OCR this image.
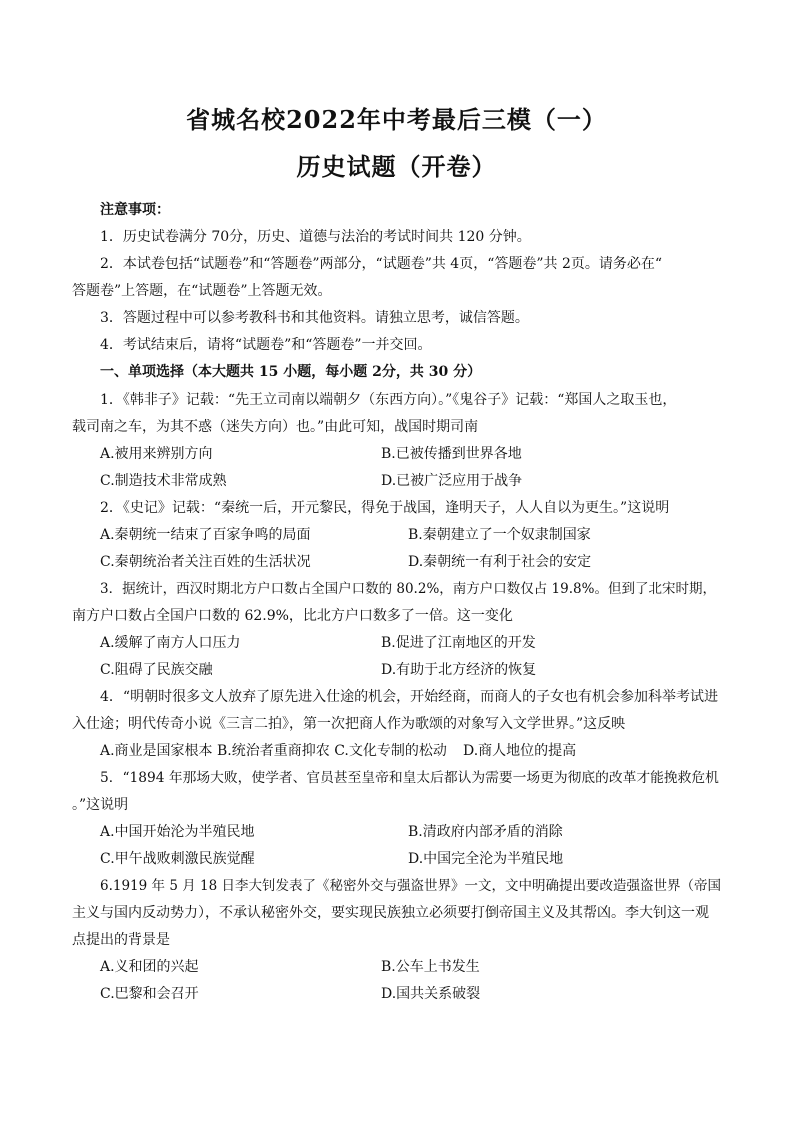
省城名校2022年中考最后三模（一）
历史试题（开卷）
注意事项：
1．历史试卷满分 70分，历史、道德与法治的考试时间共 120 分钟。
2．本试卷包括“试题卷”和“答题卷”两部分，“试题卷”共 4页，“答题卷”共 2页。请务必在“
答题卷”上答题，在“试题卷”上答题无效。
3．答题过程中可以参考教科书和其他资料。请独立思考，诚信答题。
4．考试结束后，请将“试题卷”和“答题卷”一并交回。
一、单项选择（本大题共 15 小题，每小题 2分，共 30 分）
1．《韩非子》记载：“先王立司南以端朝夕（东西方向）。”《鬼谷子》记载：“郑国人之取玉也，
载司南之车，为其不惑（迷失方向）也。”由此可知，战国时期司南
A.被用来辨别方向	B.已被传播到世界各地
C.制造技术非常成熟	D.已被广泛应用于战争
2．《史记》记载：“秦统一后，开元黎民，得免于战国，逢明天子，人人自以为更生。”这说明
A.秦朝统一结束了百家争鸣的局面	B.秦朝建立了一个奴隶制国家
C.秦朝统治者关注百姓的生活状况	D.秦朝统一有利于社会的安定
3．据统计，西汉时期北方户口数占全国户口数的 80.2%，南方户口数仅占 19.8%。但到了北宋时期，
南方户口数占全国户口数的 62.9%，比北方户口数多了一倍。这一变化
A.缓解了南方人口压力	B.促进了江南地区的开发
C.阻碍了民族交融	D.有助于北方经济的恢复
4．“明朝时很多文人放弃了原先进入仕途的机会，开始经商，而商人的子女也有机会参加科举考试进
入仕途；明代传奇小说《三言二拍》，第一次把商人作为歌颂的对象写入文学世界。”这反映
A.商业是国家根本 B.统治者重商抑农 C.文化专制的松动 D.商人地位的提高
5．“1894 年那场大败，使学者、官员甚至皇帝和皇太后都认为需要一场更为彻底的改革才能挽救危机
。”这说明
A.中国开始沦为半殖民地	B.清政府内部矛盾的消除
C.甲午战败刺激民族觉醒	D.中国完全沦为半殖民地
6.1919 年 5 月 18 日李大钊发表了《秘密外交与强盗世界》一文，文中明确提出要改造强盗世界（帝国
主义与国内反动势力），不承认秘密外交，要实现民族独立必须要打倒帝国主义及其帮凶。李大钊这一观
点提出的背景是
A.义和团的兴起	B.公车上书发生
C.巴黎和会召开	D.国共关系破裂
